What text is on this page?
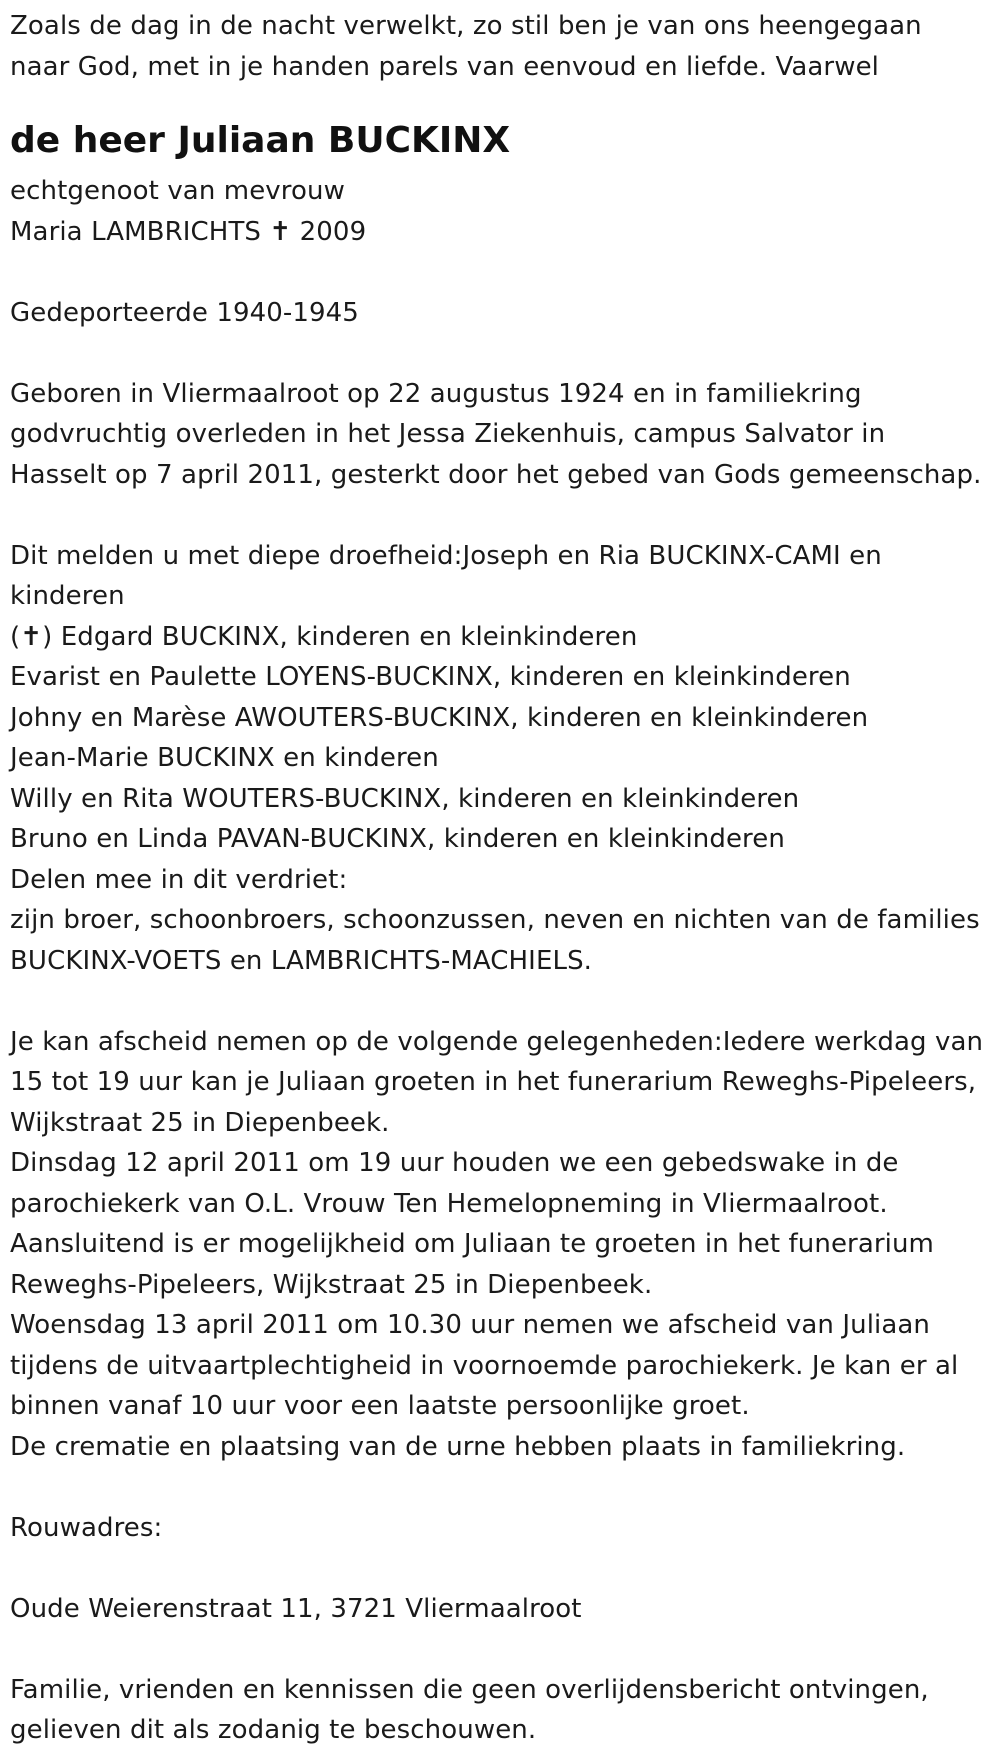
Zoals de dag in de nacht verwelkt, zo stil ben je van ons heengegaan
naar God, met in je handen parels van eenvoud en liefde. Vaarwel
de heer Juliaan BUCKINX
echtgenoot van mevrouw
Maria LAMBRICHTS ✝ 2009
Gedeporteerde 1940-1945
Geboren in Vliermaalroot op 22 augustus 1924 en in familiekring
godvruchtig overleden in het Jessa Ziekenhuis, campus Salvator in
Hasselt op 7 april 2011, gesterkt door het gebed van Gods gemeenschap.
Dit melden u met diepe droefheid:Joseph en Ria BUCKINX-CAMI en
kinderen
(✝) Edgard BUCKINX, kinderen en kleinkinderen
Evarist en Paulette LOYENS-BUCKINX, kinderen en kleinkinderen
Johny en Marèse AWOUTERS-BUCKINX, kinderen en kleinkinderen
Jean-Marie BUCKINX en kinderen
Willy en Rita WOUTERS-BUCKINX, kinderen en kleinkinderen
Bruno en Linda PAVAN-BUCKINX, kinderen en kleinkinderen
Delen mee in dit verdriet:
zijn broer, schoonbroers, schoonzussen, neven en nichten van de families
BUCKINX-VOETS en LAMBRICHTS-MACHIELS.
Je kan afscheid nemen op de volgende gelegenheden:Iedere werkdag van
15 tot 19 uur kan je Juliaan groeten in het funerarium Reweghs-Pipeleers,
Wijkstraat 25 in Diepenbeek.
Dinsdag 12 april 2011 om 19 uur houden we een gebedswake in de
parochiekerk van O.L. Vrouw Ten Hemelopneming in Vliermaalroot.
Aansluitend is er mogelijkheid om Juliaan te groeten in het funerarium
Reweghs-Pipeleers, Wijkstraat 25 in Diepenbeek.
Woensdag 13 april 2011 om 10.30 uur nemen we afscheid van Juliaan
tijdens de uitvaartplechtigheid in voornoemde parochiekerk. Je kan er al
binnen vanaf 10 uur voor een laatste persoonlijke groet.
De crematie en plaatsing van de urne hebben plaats in familiekring.
Rouwadres:
Oude Weierenstraat 11, 3721 Vliermaalroot
Familie, vrienden en kennissen die geen overlijdensbericht ontvingen,
gelieven dit als zodanig te beschouwen.
